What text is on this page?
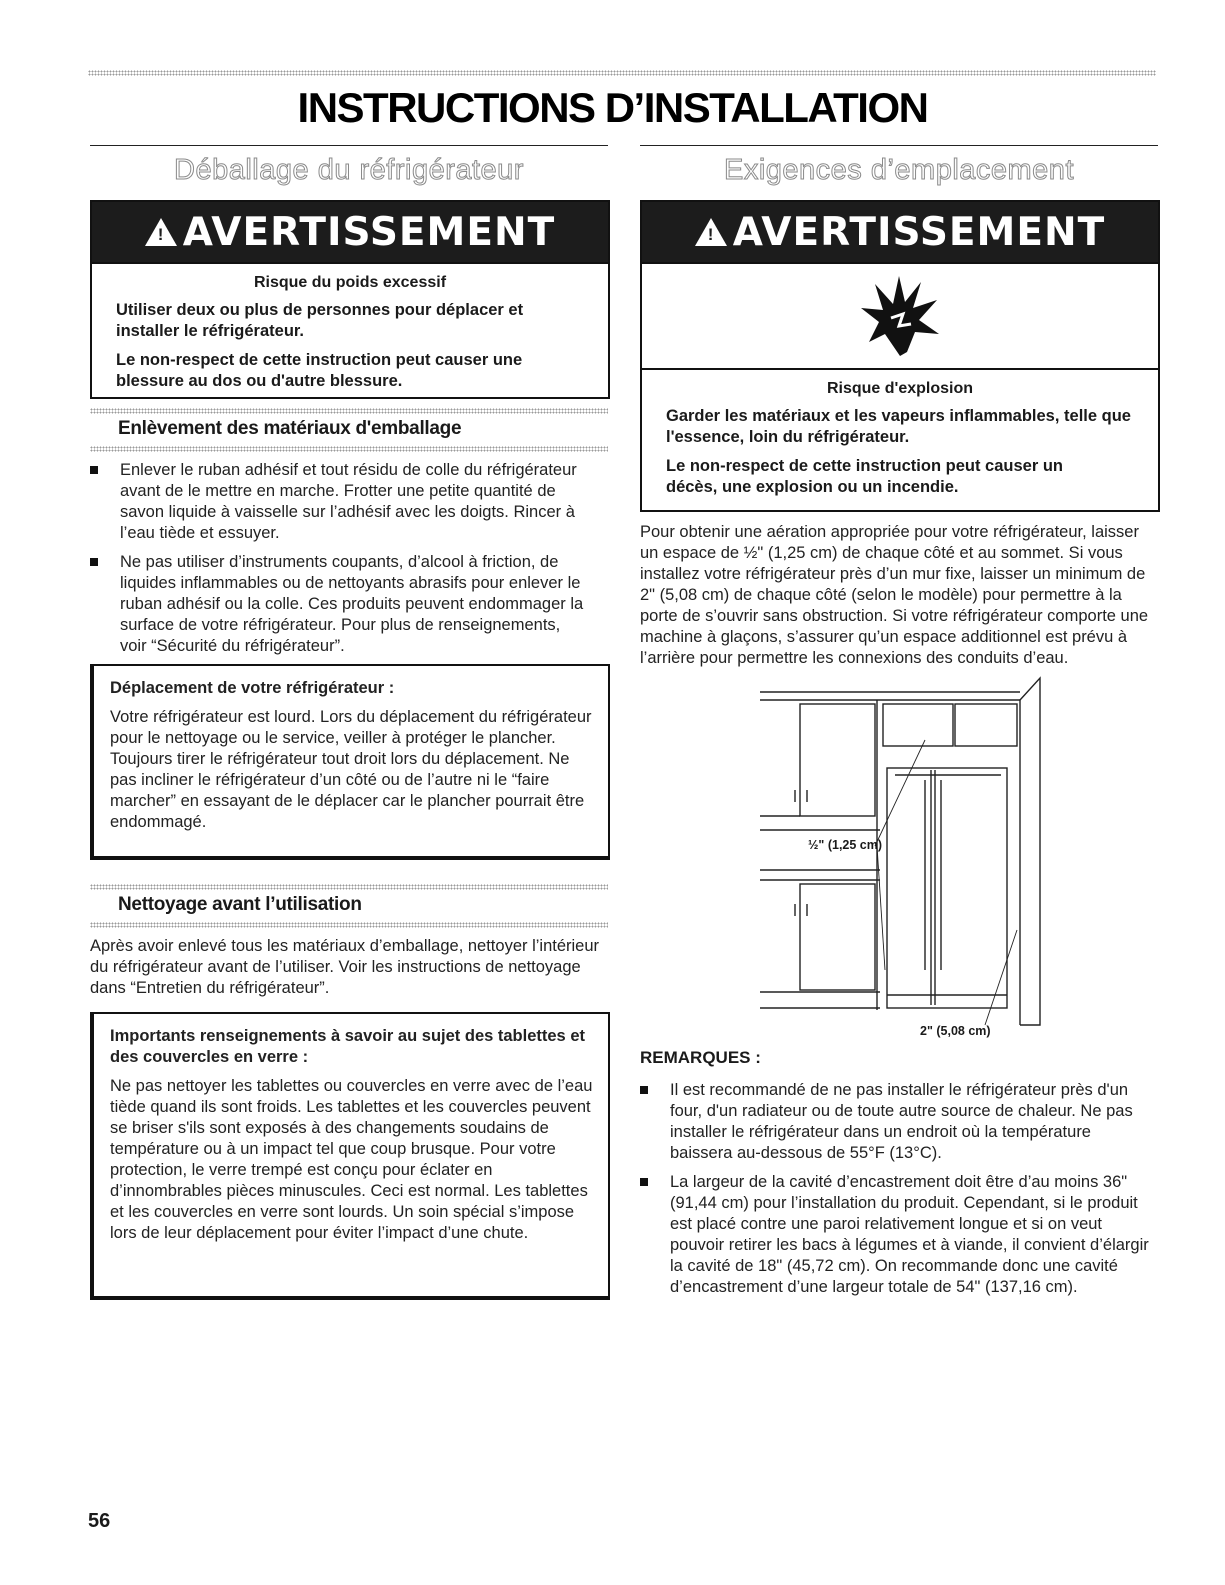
INSTRUCTIONS D’INSTALLATION
Déballage du réfrigérateur
! AVERTISSEMENT
Risque du poids excessif
Utiliser deux ou plus de personnes pour déplacer et installer le réfrigérateur.
Le non-respect de cette instruction peut causer une blessure au dos ou d'autre blessure.
Enlèvement des matériaux d'emballage
Enlever le ruban adhésif et tout résidu de colle du réfrigérateur avant de le mettre en marche. Frotter une petite quantité de savon liquide à vaisselle sur l’adhésif avec les doigts. Rincer à l’eau tiède et essuyer.
Ne pas utiliser d’instruments coupants, d’alcool à friction, de liquides inflammables ou de nettoyants abrasifs pour enlever le ruban adhésif ou la colle. Ces produits peuvent endommager la surface de votre réfrigérateur. Pour plus de renseignements, voir “Sécurité du réfrigérateur”.
Déplacement de votre réfrigérateur :
Votre réfrigérateur est lourd. Lors du déplacement du réfrigérateur pour le nettoyage ou le service, veiller à protéger le plancher. Toujours tirer le réfrigérateur tout droit lors du déplacement. Ne pas incliner le réfrigérateur d’un côté ou de l’autre ni le “faire marcher” en essayant de le déplacer car le plancher pourrait être endommagé.
Nettoyage avant l’utilisation
Après avoir enlevé tous les matériaux d’emballage, nettoyer l’intérieur du réfrigérateur avant de l’utiliser. Voir les instructions de nettoyage dans “Entretien du réfrigérateur”.
Importants renseignements à savoir au sujet des tablettes et des couvercles en verre :
Ne pas nettoyer les tablettes ou couvercles en verre avec de l’eau tiède quand ils sont froids. Les tablettes et les couvercles peuvent se briser s'ils sont exposés à des changements soudains de température ou à un impact tel que coup brusque. Pour votre protection, le verre trempé est conçu pour éclater en d’innombrables pièces minuscules. Ceci est normal. Les tablettes et les couvercles en verre sont lourds. Un soin spécial s’impose lors de leur déplacement pour éviter l’impact d’une chute.
Exigences d’emplacement
! AVERTISSEMENT
Risque d'explosion
Garder les matériaux et les vapeurs inflammables, telle que l'essence, loin du réfrigérateur.
Le non-respect de cette instruction peut causer un décès, une explosion ou un incendie.
Pour obtenir une aération appropriée pour votre réfrigérateur, laisser un espace de ½" (1,25 cm) de chaque côté et au sommet. Si vous installez votre réfrigérateur près d’un mur fixe, laisser un minimum de 2" (5,08 cm) de chaque côté (selon le modèle) pour permettre à la porte de s’ouvrir sans obstruction. Si votre réfrigérateur comporte une machine à glaçons, s’assurer qu’un espace additionnel est prévu à l’arrière pour permettre les connexions des conduits d’eau.
½" (1,25 cm)
2" (5,08 cm)
REMARQUES :
Il est recommandé de ne pas installer le réfrigérateur près d'un four, d'un radiateur ou de toute autre source de chaleur. Ne pas installer le réfrigérateur dans un endroit où la température baissera au-dessous de 55°F (13°C).
La largeur de la cavité d’encastrement doit être d’au moins 36" (91,44 cm) pour l’installation du produit. Cependant, si le produit est placé contre une paroi relativement longue et si on veut pouvoir retirer les bacs à légumes et à viande, il convient d’élargir la cavité de 18" (45,72 cm). On recommande donc une cavité d’encastrement d’une largeur totale de 54" (137,16 cm).
56
